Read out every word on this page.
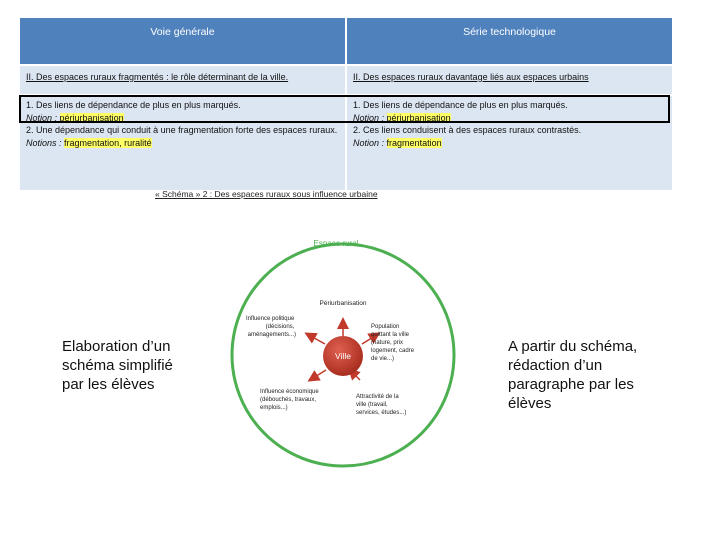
Voie générale	Série technologique
II. Des espaces ruraux fragmentés : le rôle déterminant de la ville.	II. Des espaces ruraux davantage liés aux espaces urbains
1. Des liens de dépendance de plus en plus marqués.
Notion : périurbanisation
2. Une dépendance qui conduit à une fragmentation forte des espaces ruraux.
Notions : fragmentation, ruralité
1. Des liens de dépendance de plus en plus marqués.
Notion : périurbanisation
2. Ces liens conduisent à des espaces ruraux contrastés.
Notion : fragmentation
« Schéma » 2 : Des espaces ruraux sous influence urbaine
Espace rural
Ville
Périurbanisation
Influence politique (décisions, aménagements...)
Population quittant la ville (nature, prix logement, cadre de vie...)
Influence économique (débouchés, travaux, emplois...)
Attractivité de la ville (travail, services, études...)
Elaboration d’un
schéma simplifié
par les élèves
A partir du schéma,
rédaction d’un
paragraphe par les
élèves
